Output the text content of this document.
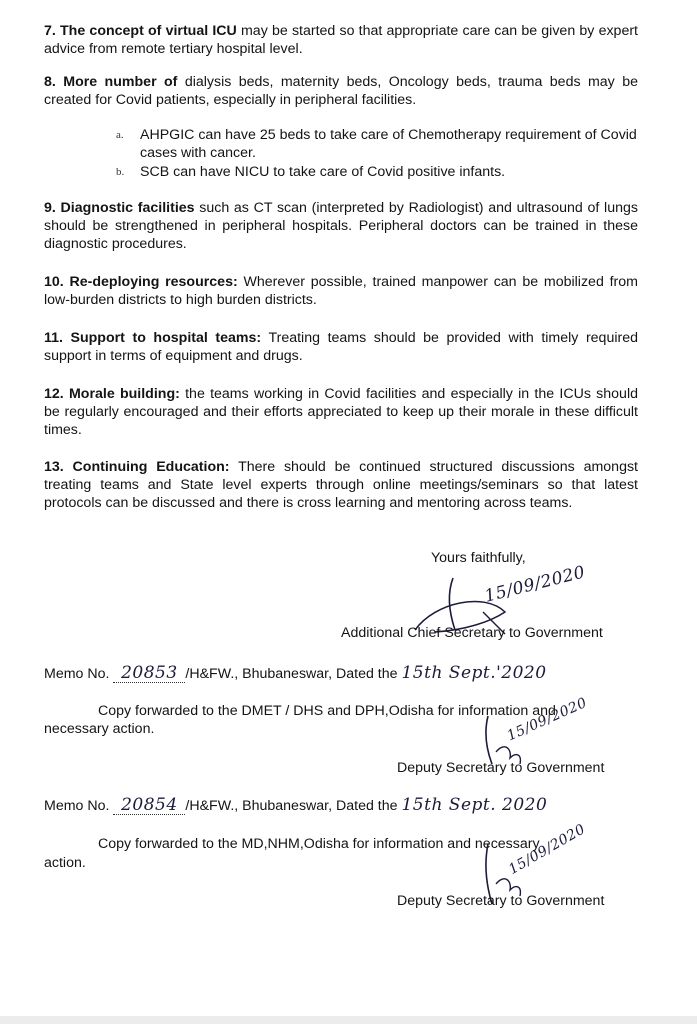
7. The concept of virtual ICU may be started so that appropriate care can be given by expert advice from remote tertiary hospital level.
8. More number of dialysis beds, maternity beds, Oncology beds, trauma beds may be created for Covid patients, especially in peripheral facilities.
a.	AHPGIC can have 25 beds to take care of Chemotherapy requirement of Covid cases with cancer.
b.	SCB can have NICU to take care of Covid positive infants.
9. Diagnostic facilities such as CT scan (interpreted by Radiologist) and ultrasound of lungs should be strengthened in peripheral hospitals. Peripheral doctors can be trained in these diagnostic procedures.
10. Re-deploying resources: Wherever possible, trained manpower can be mobilized from low-burden districts to high burden districts.
11. Support to hospital teams: Treating teams should be provided with timely required support in terms of equipment and drugs.
12. Morale building: the teams working in Covid facilities and especially in the ICUs should be regularly encouraged and their efforts appreciated to keep up their morale in these difficult times.
13. Continuing Education: There should be continued structured discussions amongst treating teams and State level experts through online meetings/seminars so that latest protocols can be discussed and there is cross learning and mentoring across teams.
Yours faithfully,
15/09/2020
Additional Chief Secretary to Government
Memo No. 20853 /H&FW., Bhubaneswar, Dated the 15th Sept.'2020
Copy forwarded to the DMET / DHS and DPH,Odisha for information and
necessary action.	15/09/2020
Deputy Secretary to Government
Memo No. 20854 /H&FW., Bhubaneswar, Dated the 15th Sept. 2020
Copy forwarded to the MD,NHM,Odisha for information and necessary
action.	15/09/2020
Deputy Secretary to Government
